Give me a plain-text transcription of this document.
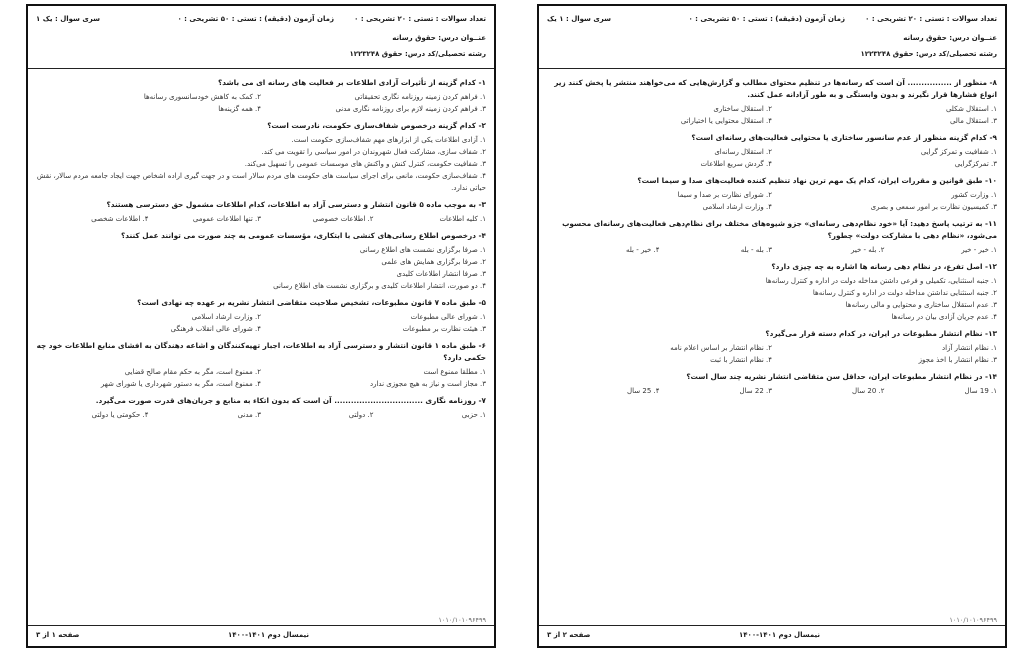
تعداد سوالات : تستی : ۲۰ تشریحی : ۰
زمان آزمون (دقیقه) : تستی : ۵۰ تشریحی : ۰
سری سوال : یک ۱
عنــوان درس: حقوق رسانه
رشته تحصیلی/کد درس: حقوق ۱۲۲۳۲۴۸
۱- کدام گزینه از تأثیرات آزادی اطلاعات بر فعالیت های رسانه ای می باشد؟
۱. فراهم کردن زمینه روزنامه نگاری تحقیقاتی
۲. کمک به کاهش خودسانسوری رسانه‌ها
۳. فراهم کردن زمینه لازم برای روزنامه نگاری مدنی
۴. همه گزینه‌ها
۲- کدام گزینه درخصوص شفاف‌سازی حکومت، نادرست است؟
۱. آزادی اطلاعات یکی از ابزارهای مهم شفاف‌سازی حکومت است.
۲. شفاف سازی، مشارکت فعال شهروندان در امور سیاسی را تقویت می کند.
۳. شفافیت حکومت، کنترل کنش و واکنش های موسسات عمومی را تسهیل می‌کند.
۴. شفاف‌سازی حکومت، مانعی برای اجرای سیاست های حکومت های مردم سالار است و در جهت گیری اراده اشخاص جهت ایجاد جامعه مردم سالار، نقش حیاتی ندارد.
۳- به موجب ماده ۵ قانون انتشار و دسترسی آزاد به اطلاعات، کدام اطلاعات مشمول حق دسترسی هستند؟
۱. کلیه اطلاعات
۲. اطلاعات خصوصی
۳. تنها اطلاعات عمومی
۴. اطلاعات شخصی
۴- درخصوص اطلاع رسانی‌های کنشی با ابتکاری، مؤسسات عمومی به چند صورت می توانند عمل کنند؟
۱. صرفا برگزاری نشست های اطلاع رسانی
۲. صرفا برگزاری همایش های علمی
۳. صرفا انتشار اطلاعات کلیدی
۴. دو صورت، انتشار اطلاعات کلیدی و برگزاری نشست های اطلاع رسانی
۵- طبق ماده ۷ قانون مطبوعات، تشخیص صلاحیت متقاضی انتشار نشریه بر عهده چه نهادی است؟
۱. شورای عالی مطبوعات
۲. وزارت ارشاد اسلامی
۳. هیئت نظارت بر مطبوعات
۴. شورای عالی انقلاب فرهنگی
۶- طبق ماده ۱ قانون انتشار و دسترسی آزاد به اطلاعات، اجبار تهیه‌کنندگان و اشاعه دهندگان به افشای منابع اطلاعات خود چه حکمی دارد؟
۱. مطلقا ممنوع است
۲. ممنوع است، مگر به حکم مقام صالح قضایی
۳. مجاز است و نیاز به هیچ مجوزی ندارد
۴. ممنوع است، مگر به دستور شهرداری یا شورای شهر
۷- روزنامه نگاری ................................ آن است که بدون اتکاء به منابع و جریان‌های قدرت صورت می‌گیرد.
۱. حزبی
۲. دولتی
۳. مدنی
۴. حکومتی یا دولتی
۱۰۱۰/۱۰۱۰۹۶۴۹۹
صفحه ۱ از ۳	نیمسال دوم ۱۴۰۱-۱۴۰۰
تعداد سوالات : تستی : ۲۰ تشریحی : ۰
زمان آزمون (دقیقه) : تستی : ۵۰ تشریحی : ۰
سری سوال : ۱ یک
عنــوان درس: حقوق رسانه
رشته تحصیلی/کد درس: حقوق ۱۲۲۳۲۴۸
۸- منظور از ................ آن است که رسانه‌ها در تنظیم محتوای مطالب و گزارش‌هایی که می‌خواهند منتشر یا پخش کنند زیر انواع فشارها قرار نگیرند و بدون وابستگی و به طور آزادانه عمل کنند.
۱. استقلال شکلی
۲. استقلال ساختاری
۳. استقلال مالی
۴. استقلال محتوایی یا اختیاراتی
۹- کدام گزینه منظور از عدم سانسور ساختاری یا محتوایی فعالیت‌های رسانه‌ای است؟
۱. شفافیت و تمرکز گرایی
۲. استقلال رسانه‌ای
۳. تمرکزگرایی
۴. گردش سریع اطلاعات
۱۰- طبق قوانین و مقررات ایران، کدام یک مهم ترین نهاد تنظیم کننده فعالیت‌های صدا و سیما است؟
۱. وزارت کشور
۲. شورای نظارت بر صدا و سیما
۳. کمیسیون نظارت بر امور سمعی و بصری
۴. وزارت ارشاد اسلامی
۱۱- به ترتیب پاسخ دهید: آیا «خود نظام‌دهی رسانه‌ای» جزو شیوه‌های مختلف برای نظام‌دهی فعالیت‌های رسانه‌ای محسوب می‌شود، «نظام دهی با مشارکت دولت» چطور؟
۱. خیر - خیر
۲. بله - خیر
۳. بله - بله
۴. خیر - بله
۱۲- اصل تفرع، در نظام دهی رسانه ها اشاره به چه چیزی دارد؟
۱. جنبه استثنایی، تکمیلی و فرعی داشتن مداخله دولت در اداره و کنترل رسانه‌ها
۲. جنبه استثنایی نداشتن مداخله دولت در اداره و کنترل رسانه‌ها
۳. عدم استقلال ساختاری و محتوایی و مالی رسانه‌ها
۴. عدم جریان آزادی بیان در رسانه‌ها
۱۳- نظام انتشار مطبوعات در ایران، در کدام دسته قرار می‌گیرد؟
۱. نظام انتشار آزاد
۲. نظام انتشار بر اساس اعلام نامه
۳. نظام انتشار با اخذ مجوز
۴. نظام انتشار با ثبت
۱۴- در نظام انتشار مطبوعات ایران، حداقل سن متقاضی انتشار نشریه چند سال است؟
۱. 19 سال
۲. 20 سال
۳. 22 سال
۴. 25 سال
۱۰۱۰/۱۰۱۰۹۶۴۹۹
صفحه ۲ از ۳	نیمسال دوم ۱۴۰۱-۱۴۰۰
